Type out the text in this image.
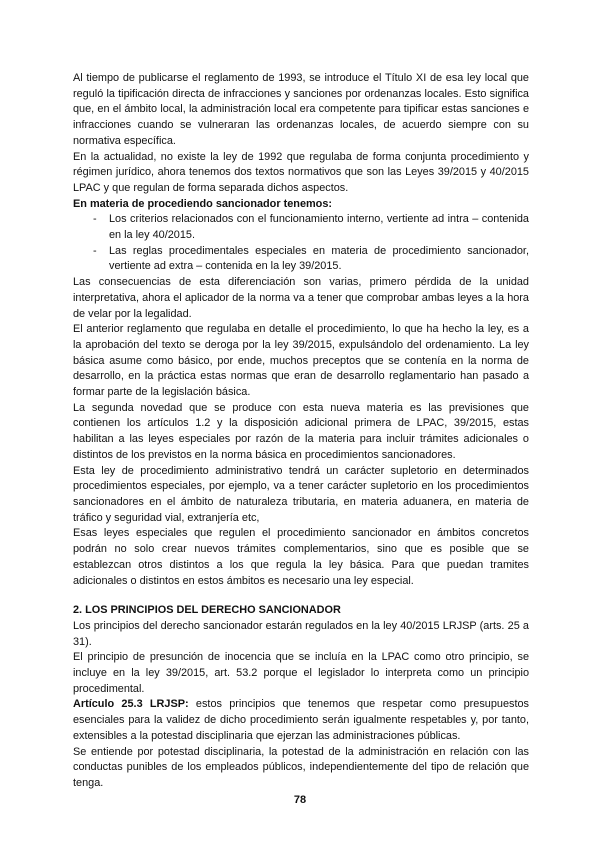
Al tiempo de publicarse el reglamento de 1993, se introduce el Título XI de esa ley local que reguló la tipificación directa de infracciones y sanciones por ordenanzas locales. Esto significa que, en el ámbito local, la administración local era competente para tipificar estas sanciones e infracciones cuando se vulneraran las ordenanzas locales, de acuerdo siempre con su normativa específica.

En la actualidad, no existe la ley de 1992 que regulaba de forma conjunta procedimiento y régimen jurídico, ahora tenemos dos textos normativos que son las Leyes 39/2015 y 40/2015 LPAC y que regulan de forma separada dichos aspectos.

En materia de procediendo sancionador tenemos:

- Los criterios relacionados con el funcionamiento interno, vertiente ad intra – contenida en la ley 40/2015.
- Las reglas procedimentales especiales en materia de procedimiento sancionador, vertiente ad extra – contenida en la ley 39/2015.

Las consecuencias de esta diferenciación son varias, primero pérdida de la unidad interpretativa, ahora el aplicador de la norma va a tener que comprobar ambas leyes a la hora de velar por la legalidad.

El anterior reglamento que regulaba en detalle el procedimiento, lo que ha hecho la ley, es a la aprobación del texto se deroga por la ley 39/2015, expulsándolo del ordenamiento. La ley básica asume como básico, por ende, muchos preceptos que se contenía en la norma de desarrollo, en la práctica estas normas que eran de desarrollo reglamentario han pasado a formar parte de la legislación básica.

La segunda novedad que se produce con esta nueva materia es las previsiones que contienen los artículos 1.2 y la disposición adicional primera de LPAC, 39/2015, estas habilitan a las leyes especiales por razón de la materia para incluir trámites adicionales o distintos de los previstos en la norma básica en procedimientos sancionadores.

Esta ley de procedimiento administrativo tendrá un carácter supletorio en determinados procedimientos especiales, por ejemplo, va a tener carácter supletorio en los procedimientos sancionadores en el ámbito de naturaleza tributaria, en materia aduanera, en materia de tráfico y seguridad vial, extranjería etc,

Esas leyes especiales que regulen el procedimiento sancionador en ámbitos concretos podrán no solo crear nuevos trámites complementarios, sino que es posible que se establezcan otros distintos a los que regula la ley básica. Para que puedan tramites adicionales o distintos en estos ámbitos es necesario una ley especial.

2. LOS PRINCIPIOS DEL DERECHO SANCIONADOR

Los principios del derecho sancionador estarán regulados en la ley 40/2015 LRJSP (arts. 25 a 31).

El principio de presunción de inocencia que se incluía en la LPAC como otro principio, se incluye en la ley 39/2015, art. 53.2 porque el legislador lo interpreta como un principio procedimental.

Artículo 25.3 LRJSP: estos principios que tenemos que respetar como presupuestos esenciales para la validez de dicho procedimiento serán igualmente respetables y, por tanto, extensibles a la potestad disciplinaria que ejerzan las administraciones públicas.

Se entiende por potestad disciplinaria, la potestad de la administración en relación con las conductas punibles de los empleados públicos, independientemente del tipo de relación que tenga.

78
